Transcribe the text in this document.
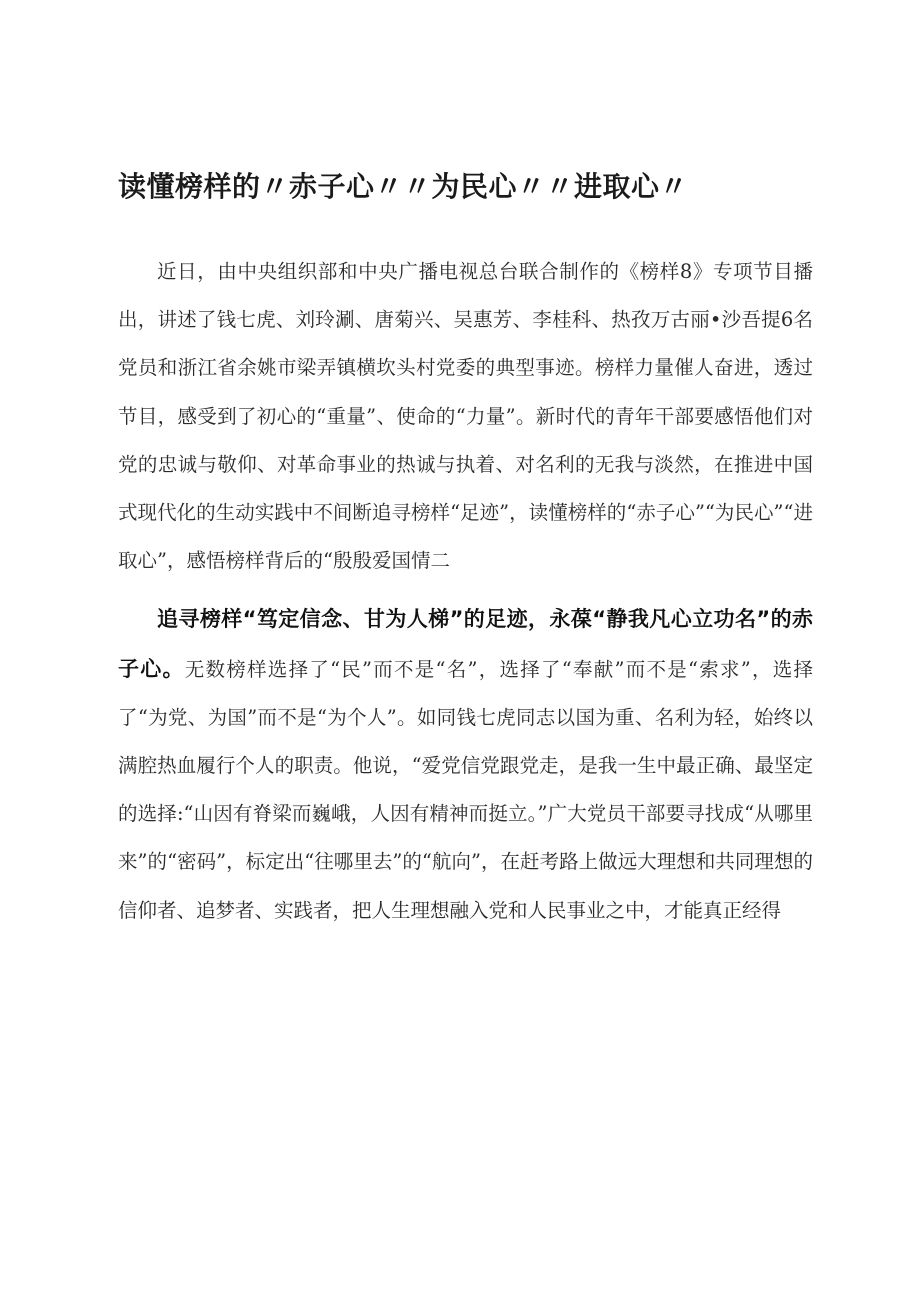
读懂榜样的〃赤子心〃〃为民心〃〃进取心〃

近日，由中央组织部和中央广播电视总台联合制作的《榜样8》专项节目播出，讲述了钱七虎、刘玲涮、唐菊兴、吴惠芳、李桂科、热孜万古丽•沙吾提6名党员和浙江省余姚市梁弄镇横坎头村党委的典型事迹。榜样力量催人奋进，透过节目，感受到了初心的“重量”、使命的“力量”。新时代的青年干部要感悟他们对党的忠诚与敬仰、对革命事业的热诚与执着、对名利的无我与淡然，在推进中国式现代化的生动实践中不间断追寻榜样“足迹”，读懂榜样的“赤子心”“为民心”“进取心”，感悟榜样背后的“殷殷爱国情二

追寻榜样“笃定信念、甘为人梯”的足迹，永葆“静我凡心立功名”的赤子心。无数榜样选择了“民”而不是“名”，选择了“奉献”而不是“索求”，选择了“为党、为国”而不是“为个人”。如同钱七虎同志以国为重、名利为轻，始终以满腔热血履行个人的职责。他说，“爱党信党跟党走，是我一生中最正确、最坚定的选择:“山因有脊梁而巍峨，人因有精神而挺立。”广大党员干部要寻找成“从哪里来”的“密码”，标定出“往哪里去”的“航向”，在赶考路上做远大理想和共同理想的信仰者、追梦者、实践者，把人生理想融入党和人民事业之中，才能真正经得
